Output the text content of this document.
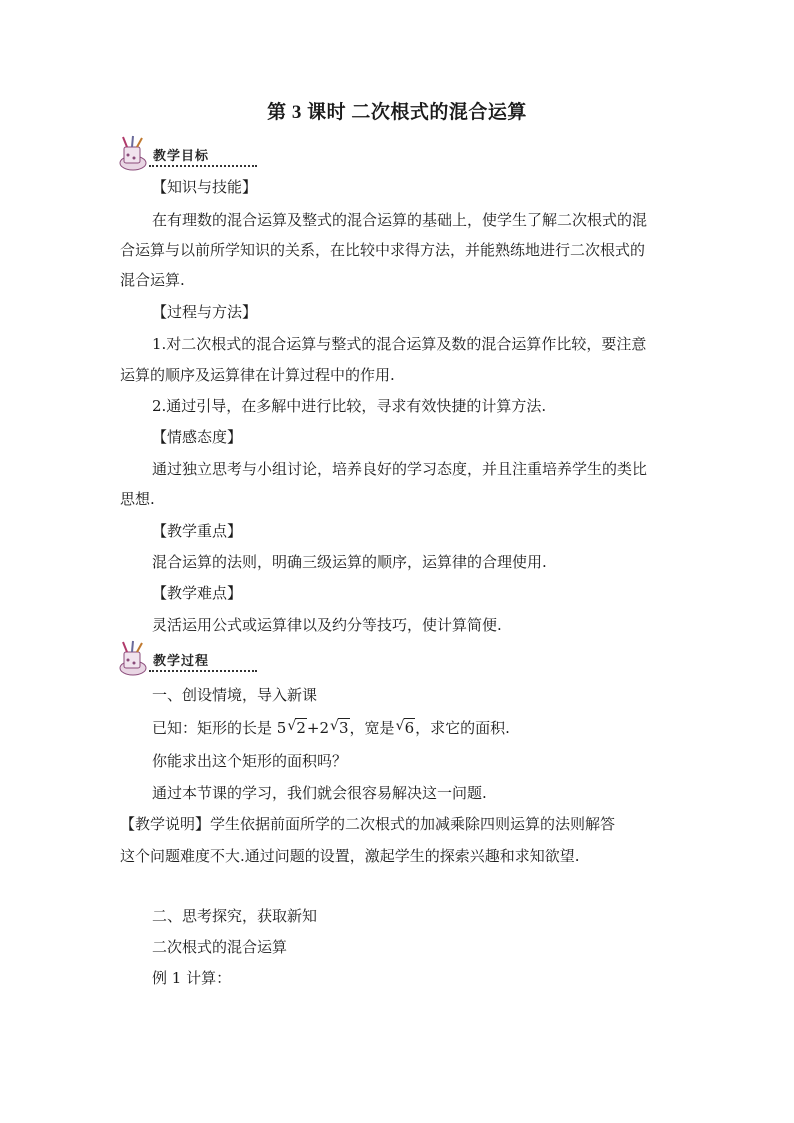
第 3 课时 二次根式的混合运算
教学目标
【知识与技能】
在有理数的混合运算及整式的混合运算的基础上，使学生了解二次根式的混
合运算与以前所学知识的关系，在比较中求得方法，并能熟练地进行二次根式的
混合运算.
【过程与方法】
1.对二次根式的混合运算与整式的混合运算及数的混合运算作比较，要注意
运算的顺序及运算律在计算过程中的作用.
2.通过引导，在多解中进行比较，寻求有效快捷的计算方法.
【情感态度】
通过独立思考与小组讨论，培养良好的学习态度，并且注重培养学生的类比
思想.
【教学重点】
混合运算的法则，明确三级运算的顺序，运算律的合理使用.
【教学难点】
灵活运用公式或运算律以及约分等技巧，使计算简便.
教学过程
一、创设情境，导入新课
已知：矩形的长是 5 √ 2+2 √ 3，宽是 √ 6，求它的面积.
你能求出这个矩形的面积吗？
通过本节课的学习，我们就会很容易解决这一问题.
【教学说明】学生依据前面所学的二次根式的加减乘除四则运算的法则解答
这个问题难度不大.通过问题的设置，激起学生的探索兴趣和求知欲望.
二、思考探究，获取新知
二次根式的混合运算
例 1 计算：
